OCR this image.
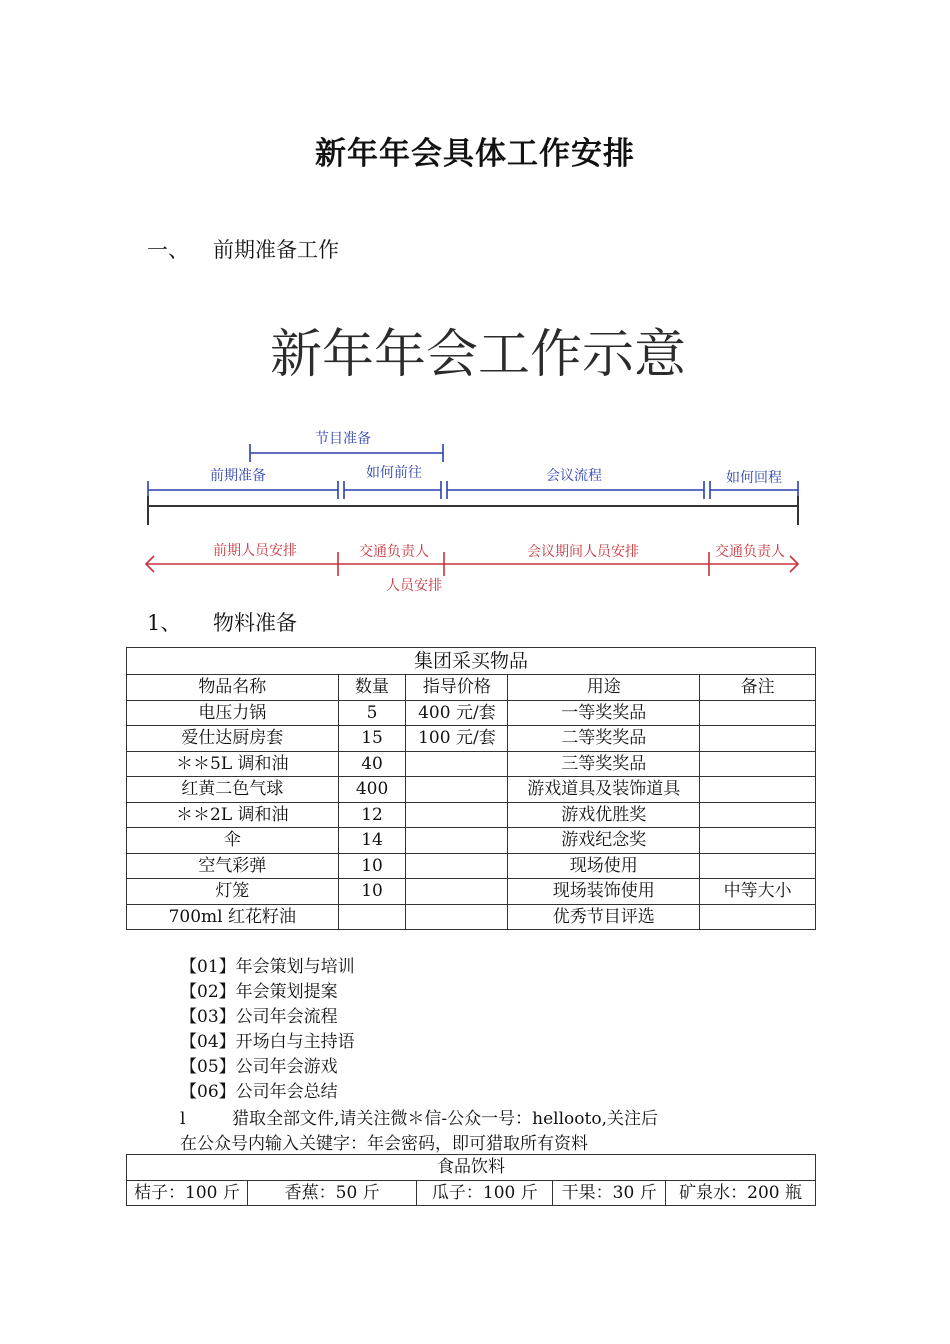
新年年会具体工作安排
一、 前期准备工作
新年年会工作示意
节目准备
前期准备	如何前往	会议流程	如何回程
前期人员安排	交通负责人	会议期间人员安排	交通负责人
人员安排
1、 物料准备
集团采买物品				
物品名称	数量	指导价格	用途	备注
电压力锅	5	400 元/套	一等奖奖品	
爱仕达厨房套	15	100 元/套	二等奖奖品	
＊＊5L 调和油	40		三等奖奖品	
红黄二色气球	400		游戏道具及装饰道具	
＊＊2L 调和油	12		游戏优胜奖	
伞	14		游戏纪念奖	
空气彩弹	10		现场使用	
灯笼	10		现场装饰使用	中等大小
700ml 红花籽油			优秀节目评选	
【01】年会策划与培训
【02】年会策划提案
【03】公司年会流程
【04】开场白与主持语
【05】公司年会游戏
【06】公司年会总结
l	猎取全部文件,请关注微＊信-公众一号：hellooto,关注后
在公众号内输入关键字：年会密码，即可猎取所有资料
食品饮料
桔子：100 斤	香蕉：50 斤	瓜子：100 斤	干果：30 斤	矿泉水：200 瓶
